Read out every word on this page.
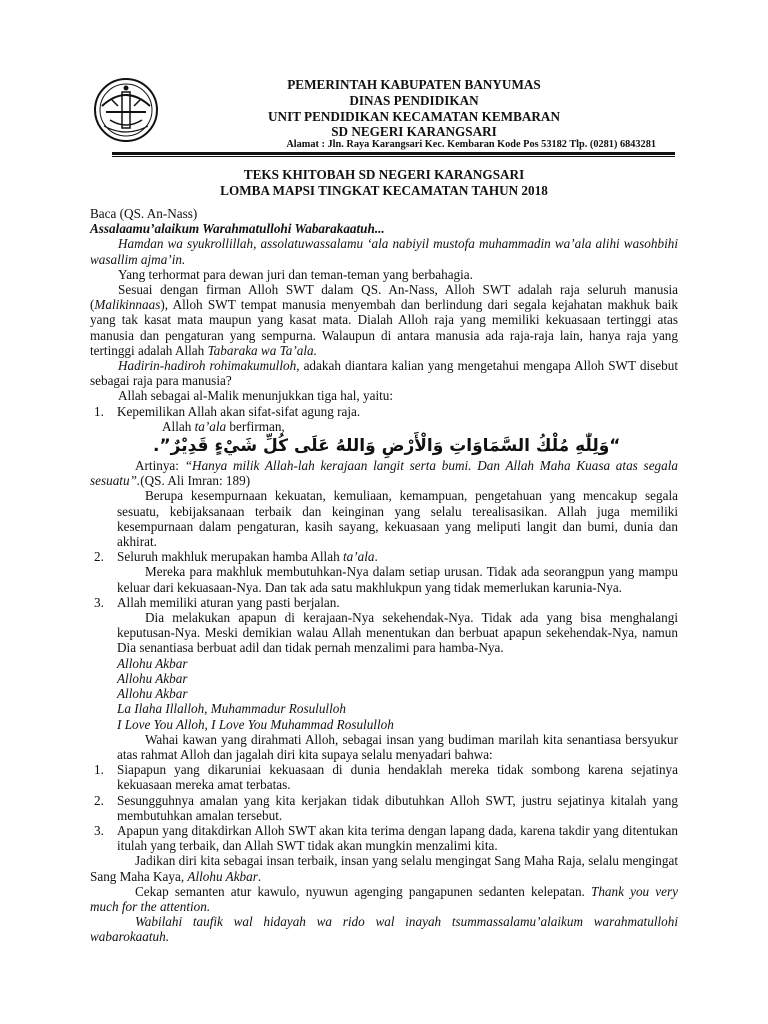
PEMERINTAH KABUPATEN BANYUMAS
DINAS PENDIDIKAN
UNIT PENDIDIKAN KECAMATAN KEMBARAN
SD NEGERI KARANGSARI
Alamat : Jln. Raya Karangsari Kec. Kembaran Kode Pos 53182 Tlp. (0281) 6843281
TEKS KHITOBAH SD NEGERI KARANGSARI
LOMBA MAPSI TINGKAT KECAMATAN TAHUN 2018

Baca (QS. An-Nass)

Assalaamu’alaikum Warahmatullohi Wabarakaatuh...

Hamdan wa syukrollillah, assolatuwassalamu ‘ala nabiyil mustofa muhammadin wa’ala alihi wasohbihi wasallim ajma’in.

Yang terhormat para dewan juri dan teman-teman yang berbahagia.

Sesuai dengan firman Alloh SWT dalam QS. An-Nass, Alloh SWT adalah raja seluruh manusia (Malikinnaas), Alloh SWT tempat manusia menyembah dan berlindung dari segala kejahatan makhuk baik yang tak kasat mata maupun yang kasat mata. Dialah Alloh raja yang memiliki kekuasaan tertinggi atas manusia dan pengaturan yang sempurna. Walaupun di antara manusia ada raja-raja lain, hanya raja yang tertinggi adalah Allah Tabaraka wa Ta’ala.

Hadirin-hadiroh rohimakumulloh, adakah diantara kalian yang mengetahui mengapa Alloh SWT disebut sebagai raja para manusia?

Allah sebagai al-Malik menunjukkan tiga hal, yaitu:

1. Kepemilikan Allah akan sifat-sifat agung raja.
Allah ta’ala berfirman,
“وَلِلّٰهِ مُلْكُ السَّمَاوَاتِ وَالْأَرْضِ وَاللهُ عَلَى كُلِّ شَيْءٍ قَدِيْرٌ”.
Artinya: “Hanya milik Allah-lah kerajaan langit serta bumi. Dan Allah Maha Kuasa atas segala sesuatu”.(QS. Ali Imran: 189)

Berupa kesempurnaan kekuatan, kemuliaan, kemampuan, pengetahuan yang mencakup segala sesuatu, kebijaksanaan terbaik dan keinginan yang selalu terealisasikan. Allah juga memiliki kesempurnaan dalam pengaturan, kasih sayang, kekuasaan yang meliputi langit dan bumi, dunia dan akhirat.

2. Seluruh makhluk merupakan hamba Allah ta’ala.

Mereka para makhluk membutuhkan-Nya dalam setiap urusan. Tidak ada seorangpun yang mampu keluar dari kekuasaan-Nya. Dan tak ada satu makhlukpun yang tidak memerlukan karunia-Nya.

3. Allah memiliki aturan yang pasti berjalan.

Dia melakukan apapun di kerajaan-Nya sekehendak-Nya. Tidak ada yang bisa menghalangi keputusan-Nya. Meski demikian walau Allah menentukan dan berbuat apapun sekehendak-Nya, namun Dia senantiasa berbuat adil dan tidak pernah menzalimi para hamba-Nya.

Allohu Akbar

Allohu Akbar

Allohu Akbar

La Ilaha Illalloh, Muhammadur Rosululloh

I Love You Alloh, I Love You Muhammad Rosululloh

Wahai kawan yang dirahmati Alloh, sebagai insan yang budiman marilah kita senantiasa bersyukur atas rahmat Alloh dan jagalah diri kita supaya selalu menyadari bahwa:

1. Siapapun yang dikaruniai kekuasaan di dunia hendaklah mereka tidak sombong karena sejatinya kekuasaan mereka amat terbatas.
2. Sesungguhnya amalan yang kita kerjakan tidak dibutuhkan Alloh SWT, justru sejatinya kitalah yang membutuhkan amalan tersebut.
3. Apapun yang ditakdirkan Alloh SWT akan kita terima dengan lapang dada, karena takdir yang ditentukan itulah yang terbaik, dan Allah SWT tidak akan mungkin menzalimi kita.

Jadikan diri kita sebagai insan terbaik, insan yang selalu mengingat Sang Maha Raja, selalu mengingat Sang Maha Kaya, Allohu Akbar.

Cekap semanten atur kawulo, nyuwun agenging pangapunen sedanten kelepatan. Thank you very much for the attention.

Wabilahi taufik wal hidayah wa rido wal inayah tsummassalamu’alaikum warahmatullohi wabarokaatuh.
